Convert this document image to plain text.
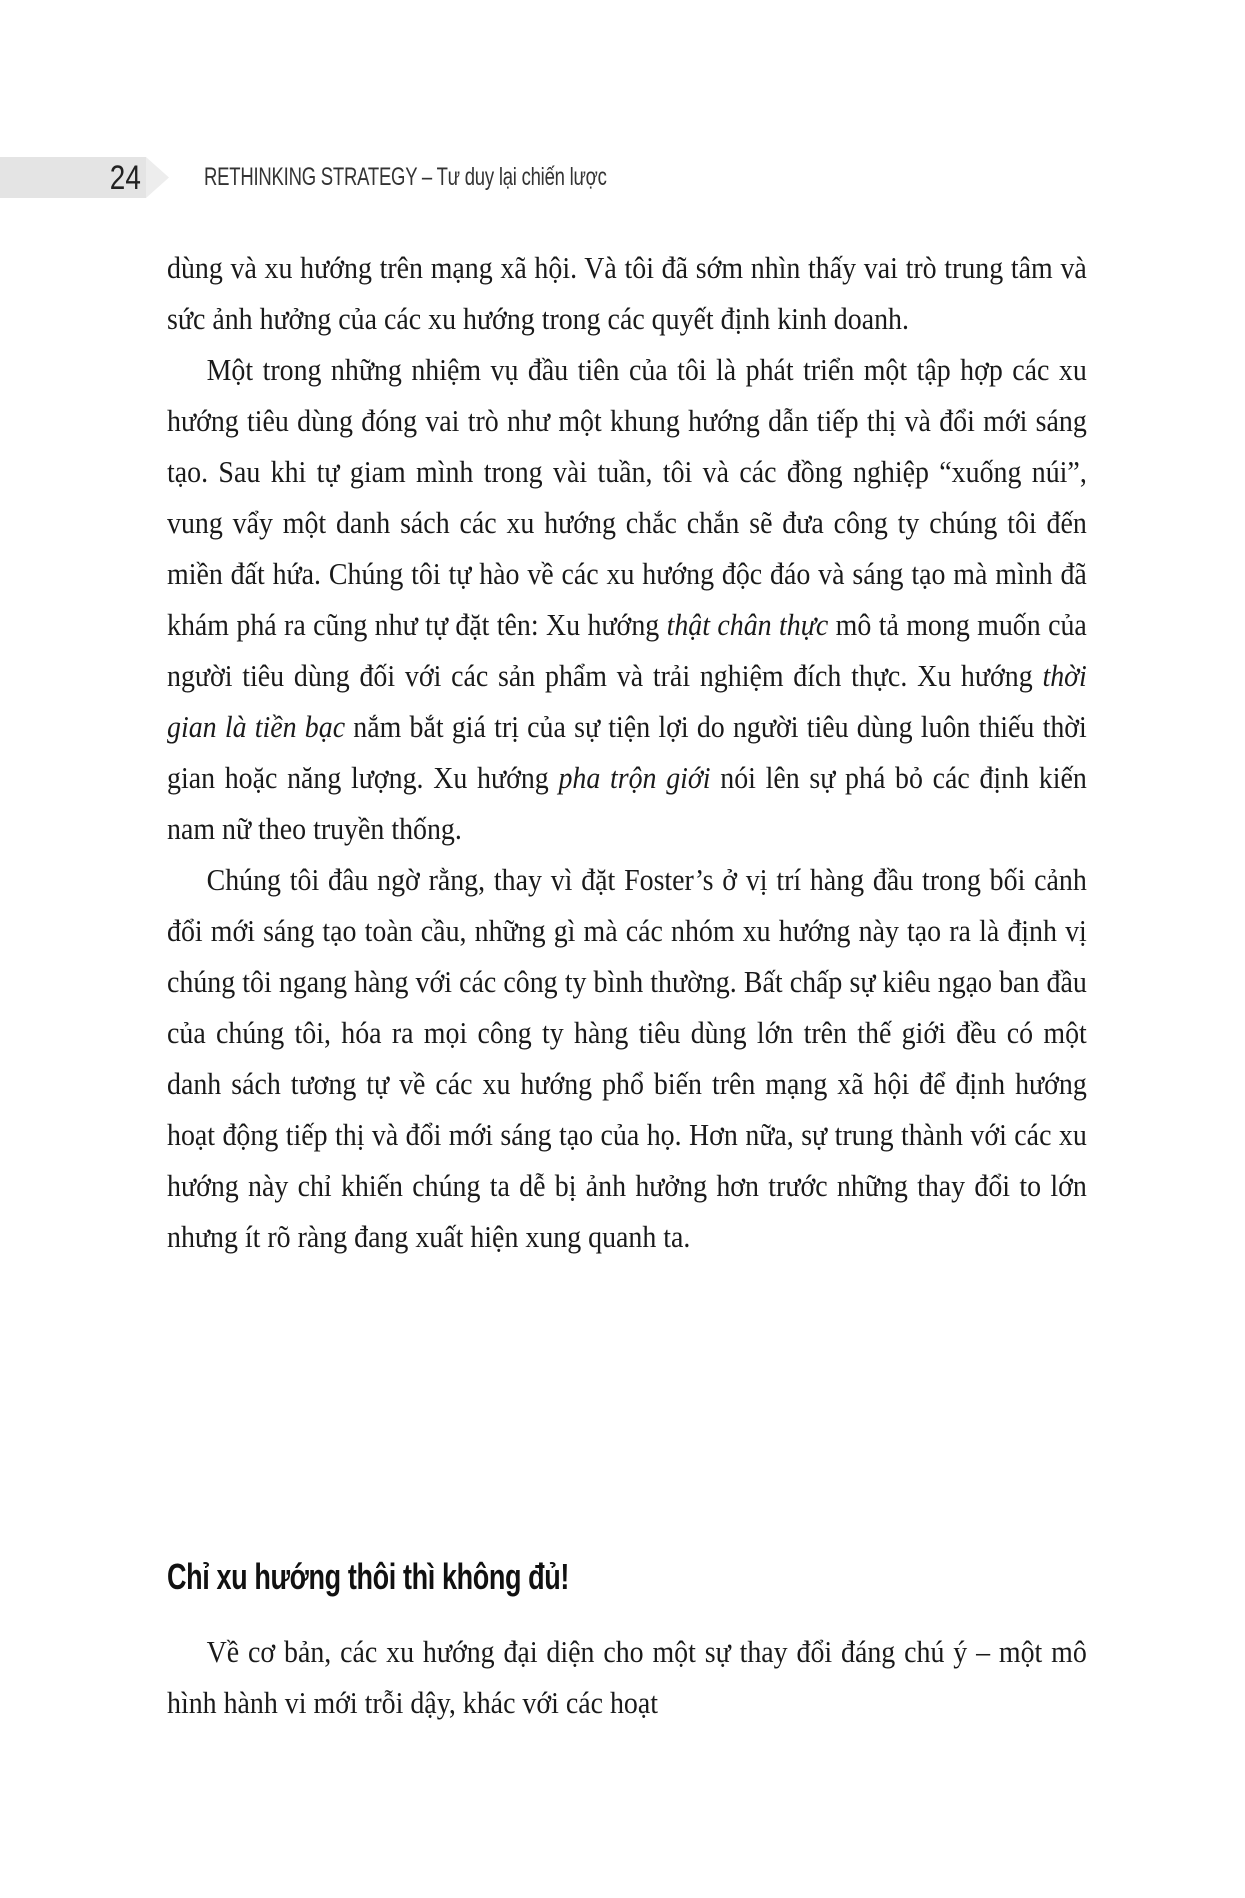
24	RETHINKING STRATEGY – Tư duy lại chiến lược

dùng và xu hướng trên mạng xã hội. Và tôi đã sớm nhìn thấy vai trò trung tâm và sức ảnh hưởng của các xu hướng trong các quyết định kinh doanh.

Một trong những nhiệm vụ đầu tiên của tôi là phát triển một tập hợp các xu hướng tiêu dùng đóng vai trò như một khung hướng dẫn tiếp thị và đổi mới sáng tạo. Sau khi tự giam mình trong vài tuần, tôi và các đồng nghiệp “xuống núi”, vung vẩy một danh sách các xu hướng chắc chắn sẽ đưa công ty chúng tôi đến miền đất hứa. Chúng tôi tự hào về các xu hướng độc đáo và sáng tạo mà mình đã khám phá ra cũng như tự đặt tên: Xu hướng thật chân thực mô tả mong muốn của người tiêu dùng đối với các sản phẩm và trải nghiệm đích thực. Xu hướng thời gian là tiền bạc nắm bắt giá trị của sự tiện lợi do người tiêu dùng luôn thiếu thời gian hoặc năng lượng. Xu hướng pha trộn giới nói lên sự phá bỏ các định kiến nam nữ theo truyền thống.

Chúng tôi đâu ngờ rằng, thay vì đặt Foster’s ở vị trí hàng đầu trong bối cảnh đổi mới sáng tạo toàn cầu, những gì mà các nhóm xu hướng này tạo ra là định vị chúng tôi ngang hàng với các công ty bình thường. Bất chấp sự kiêu ngạo ban đầu của chúng tôi, hóa ra mọi công ty hàng tiêu dùng lớn trên thế giới đều có một danh sách tương tự về các xu hướng phổ biến trên mạng xã hội để định hướng hoạt động tiếp thị và đổi mới sáng tạo của họ. Hơn nữa, sự trung thành với các xu hướng này chỉ khiến chúng ta dễ bị ảnh hưởng hơn trước những thay đổi to lớn nhưng ít rõ ràng đang xuất hiện xung quanh ta.

Chỉ xu hướng thôi thì không đủ!

Về cơ bản, các xu hướng đại diện cho một sự thay đổi đáng chú ý – một mô hình hành vi mới trỗi dậy, khác với các hoạt
